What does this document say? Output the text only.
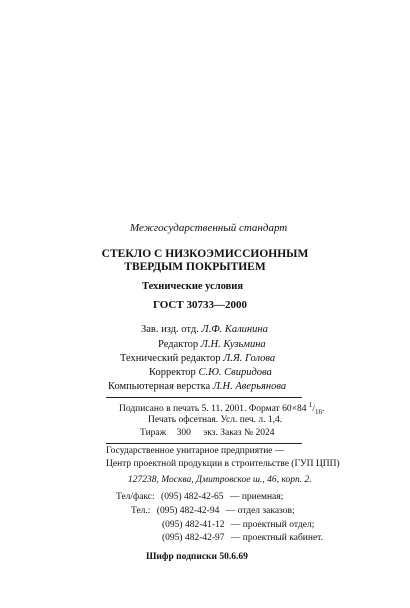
Межгосударственный стандарт
СТЕКЛО С НИЗКОЭМИССИОННЫМ
ТВЕРДЫМ ПОКРЫТИЕМ
Технические условия
ГОСТ 30733—2000
Зав. изд. отд. Л.Ф. Калинина
Редактор Л.Н. Кузьмина
Технический редактор Л.Я. Голова
Корректор С.Ю. Свиридова
Компьютерная верстка Л.Н. Аверьянова
Подписано в печать 5. 11. 2001. Формат 60×84 $^1/_{16}$.
Печать офсетная. Усл. печ. л. 1,4.
Тираж 300 экз. Заказ № 2024
Государственное унитарное предприятие —
Центр проектной продукции в строительстве (ГУП ЦПП)
127238, Москва, Дмитровское ш., 46, корп. 2.
Тел/факс: (095) 482-42-65 — приемная;
Тел.: (095) 482-42-94 — отдел заказов;
(095) 482-41-12 — проектный отдел;
(095) 482-42-97 — проектный кабинет.
Шифр подписки 50.6.69
